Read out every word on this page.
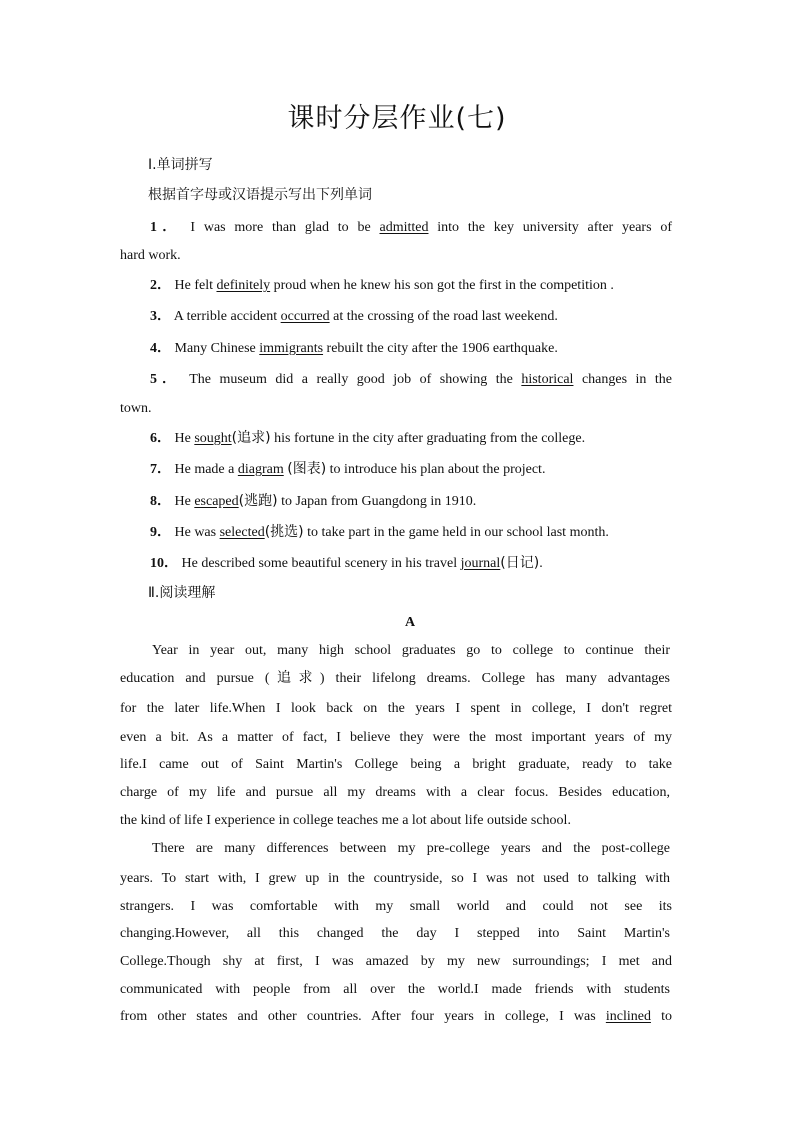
课时分层作业(七)
Ⅰ.单词拼写
根据首字母或汉语提示写出下列单词
1． I was more than glad to be admitted into the key university after years of
hard work.
2． He felt definitely proud when he knew his son got the first in the competition .
3． A terrible accident occurred at the crossing of the road last weekend.
4． Many Chinese immigrants rebuilt the city after the 1906 earthquake.
5． The museum did a really good job of showing the historical changes in the
town.
6． He sought(追求) his fortune in the city after graduating from the college.
7． He made a diagram (图表) to introduce his plan about the project.
8． He escaped(逃跑) to Japan from Guangdong in 1910.
9． He was selected(挑选) to take part in the game held in our school last month.
10． He described some beautiful scenery in his travel journal(日记).
Ⅱ.阅读理解
A
Year in year out, many high school graduates go to college to continue their
education and pursue (追求) their lifelong dreams. College has many advantages
for the later life.When I look back on the years I spent in college, I don't regret
even a bit. As a matter of fact, I believe they were the most important years of my
life.I came out of Saint Martin's College being a bright graduate, ready to take
charge of my life and pursue all my dreams with a clear focus. Besides education,
the kind of life I experience in college teaches me a lot about life outside school.
There are many differences between my pre‑college years and the post‑college
years. To start with, I grew up in the countryside, so I was not used to talking with
strangers. I was comfortable with my small world and could not see its
changing.However, all this changed the day I stepped into Saint Martin's
College.Though shy at first, I was amazed by my new surroundings; I met and
communicated with people from all over the world.I made friends with students
from other states and other countries. After four years in college, I was inclined to
